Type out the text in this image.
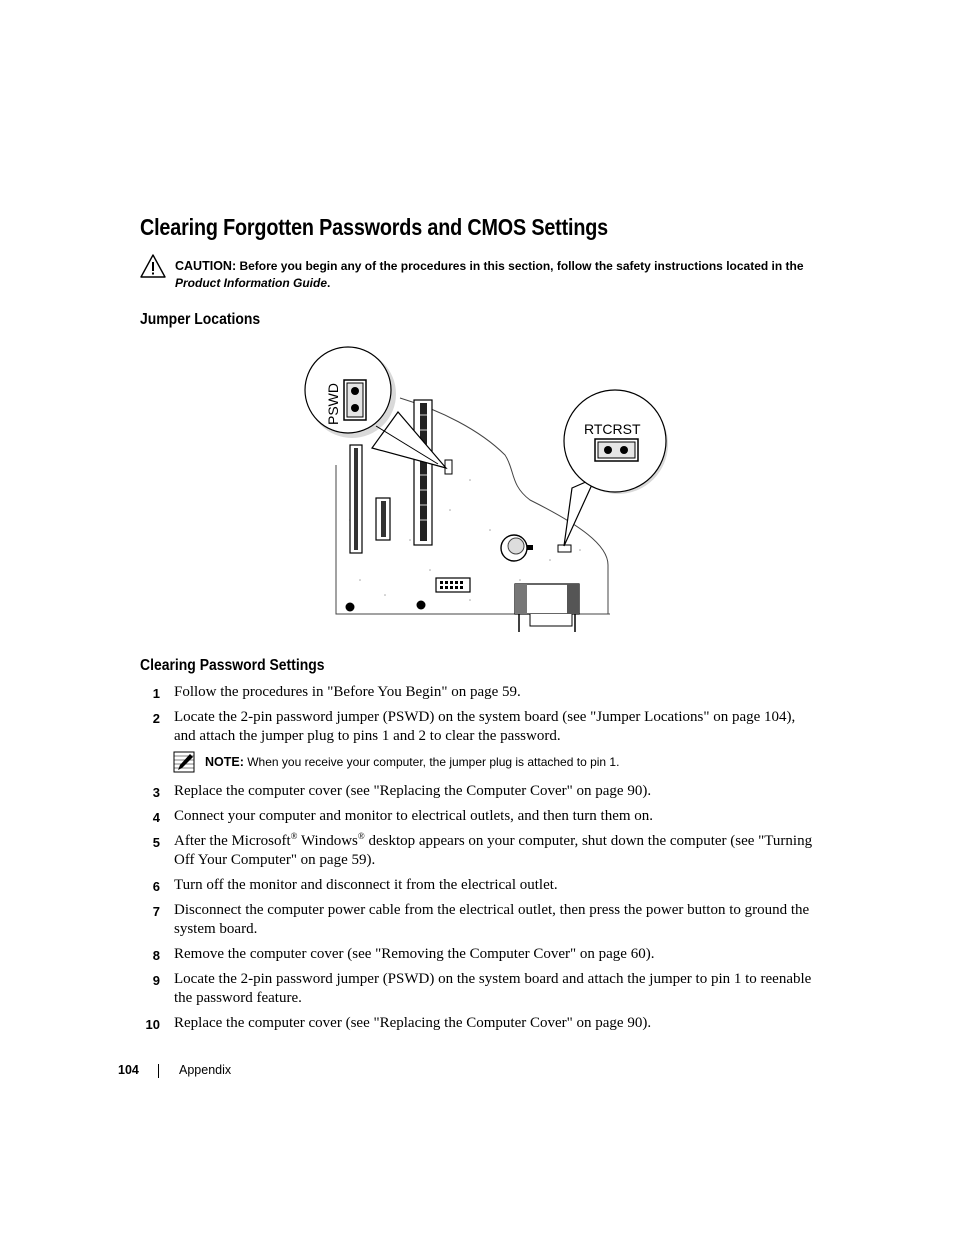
Clearing Forgotten Passwords and CMOS Settings
CAUTION: Before you begin any of the procedures in this section, follow the safety instructions located in the Product Information Guide.
Jumper Locations
PSWD
RTCRST
Clearing Password Settings
1 Follow the procedures in "Before You Begin" on page 59.
2 Locate the 2-pin password jumper (PSWD) on the system board (see "Jumper Locations" on page 104), and attach the jumper plug to pins 1 and 2 to clear the password.
NOTE: When you receive your computer, the jumper plug is attached to pin 1.
3 Replace the computer cover (see "Replacing the Computer Cover" on page 90).
4 Connect your computer and monitor to electrical outlets, and then turn them on.
5 After the Microsoft® Windows® desktop appears on your computer, shut down the computer (see "Turning Off Your Computer" on page 59).
6 Turn off the monitor and disconnect it from the electrical outlet.
7 Disconnect the computer power cable from the electrical outlet, then press the power button to ground the system board.
8 Remove the computer cover (see "Removing the Computer Cover" on page 60).
9 Locate the 2-pin password jumper (PSWD) on the system board and attach the jumper to pin 1 to reenable the password feature.
10 Replace the computer cover (see "Replacing the Computer Cover" on page 90).
104	Appendix
